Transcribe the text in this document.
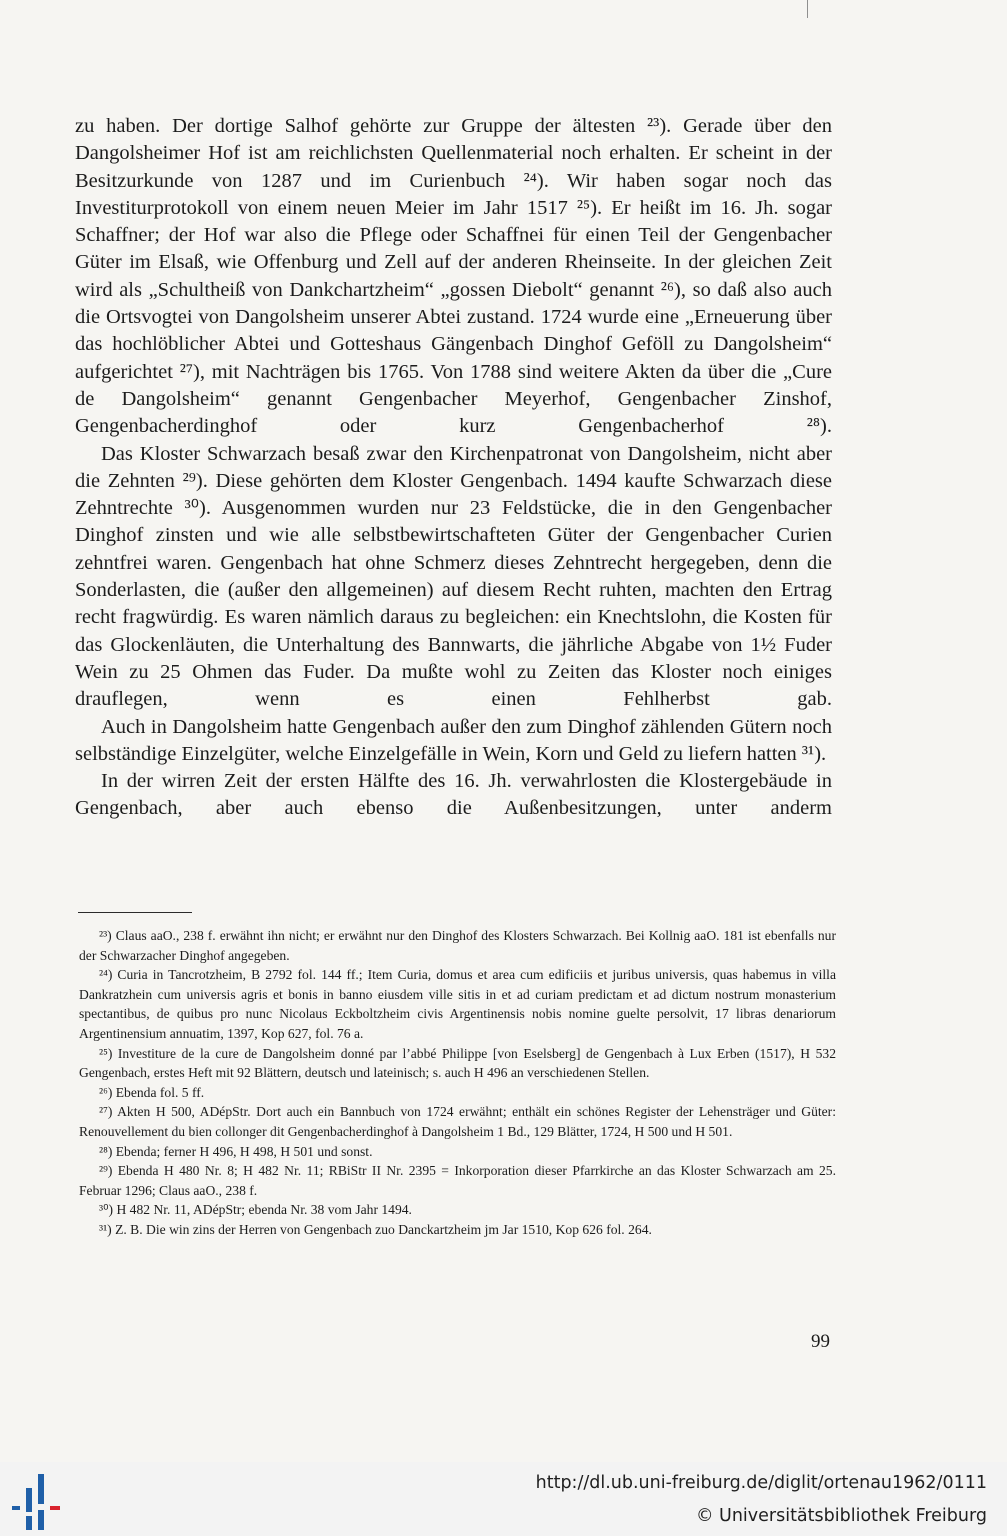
zu haben. Der dortige Salhof gehörte zur Gruppe der ältesten ²³). Gerade über den Dangolsheimer Hof ist am reichlichsten Quellenmaterial noch erhalten. Er scheint in der Besitzurkunde von 1287 und im Curienbuch ²⁴). Wir haben sogar noch das Investiturprotokoll von einem neuen Meier im Jahr 1517 ²⁵). Er heißt im 16. Jh. sogar Schaffner; der Hof war also die Pflege oder Schaffnei für einen Teil der Gengenbacher Güter im Elsaß, wie Offenburg und Zell auf der anderen Rheinseite. In der gleichen Zeit wird als „Schultheiß von Dankchartzheim“ „gossen Diebolt“ genannt ²⁶), so daß also auch die Ortsvogtei von Dangolsheim unserer Abtei zustand. 1724 wurde eine „Erneuerung über das hochlöblicher Abtei und Gotteshaus Gängenbach Dinghof Geföll zu Dangolsheim“ aufgerichtet ²⁷), mit Nachträgen bis 1765. Von 1788 sind weitere Akten da über die „Cure de Dangolsheim“ genannt Gengenbacher Meyerhof, Gengenbacher Zinshof, Gengenbacherdinghof oder kurz Gengenbacherhof ²⁸).

Das Kloster Schwarzach besaß zwar den Kirchenpatronat von Dangolsheim, nicht aber die Zehnten ²⁹). Diese gehörten dem Kloster Gengenbach. 1494 kaufte Schwarzach diese Zehntrechte ³⁰). Ausgenommen wurden nur 23 Feldstücke, die in den Gengenbacher Dinghof zinsten und wie alle selbstbewirtschafteten Güter der Gengenbacher Curien zehntfrei waren. Gengenbach hat ohne Schmerz dieses Zehntrecht hergegeben, denn die Sonderlasten, die (außer den allgemeinen) auf diesem Recht ruhten, machten den Ertrag recht fragwürdig. Es waren nämlich daraus zu begleichen: ein Knechtslohn, die Kosten für das Glockenläuten, die Unterhaltung des Bannwarts, die jährliche Abgabe von 1½ Fuder Wein zu 25 Ohmen das Fuder. Da mußte wohl zu Zeiten das Kloster noch einiges drauflegen, wenn es einen Fehlherbst gab.

Auch in Dangolsheim hatte Gengenbach außer den zum Dinghof zählenden Gütern noch selbständige Einzelgüter, welche Einzelgefälle in Wein, Korn und Geld zu liefern hatten ³¹).

In der wirren Zeit der ersten Hälfte des 16. Jh. verwahrlosten die Klostergebäude in Gengenbach, aber auch ebenso die Außenbesitzungen, unter anderm

²³) Claus aaO., 238 f. erwähnt ihn nicht; er erwähnt nur den Dinghof des Klosters Schwarzach. Bei Kollnig aaO. 181 ist ebenfalls nur der Schwarzacher Dinghof angegeben.

²⁴) Curia in Tancrotzheim, B 2792 fol. 144 ff.; Item Curia, domus et area cum edificiis et juribus universis, quas habemus in villa Dankratzhein cum universis agris et bonis in banno eiusdem ville sitis in et ad curiam predictam et ad dictum nostrum monasterium spectantibus, de quibus pro nunc Nicolaus Eckboltzheim civis Argentinensis nobis nomine guelte persolvit, 17 libras denariorum Argentinensium annuatim, 1397, Kop 627, fol. 76 a.

²⁵) Investiture de la cure de Dangolsheim donné par l’abbé Philippe [von Eselsberg] de Gengenbach à Lux Erben (1517), H 532 Gengenbach, erstes Heft mit 92 Blättern, deutsch und lateinisch; s. auch H 496 an verschiedenen Stellen.

²⁶) Ebenda fol. 5 ff.

²⁷) Akten H 500, ADépStr. Dort auch ein Bannbuch von 1724 erwähnt; enthält ein schönes Register der Lehensträger und Güter: Renouvellement du bien collonger dit Gengenbacherdinghof à Dangolsheim 1 Bd., 129 Blätter, 1724, H 500 und H 501.

²⁸) Ebenda; ferner H 496, H 498, H 501 und sonst.

²⁹) Ebenda H 480 Nr. 8; H 482 Nr. 11; RBiStr II Nr. 2395 = Inkorporation dieser Pfarrkirche an das Kloster Schwarzach am 25. Februar 1296; Claus aaO., 238 f.

³⁰) H 482 Nr. 11, ADépStr; ebenda Nr. 38 vom Jahr 1494.

³¹) Z. B. Die win zins der Herren von Gengenbach zuo Danckartzheim jm Jar 1510, Kop 626 fol. 264.

99
http://dl.ub.uni-freiburg.de/diglit/ortenau1962/0111
© Universitätsbibliothek Freiburg
